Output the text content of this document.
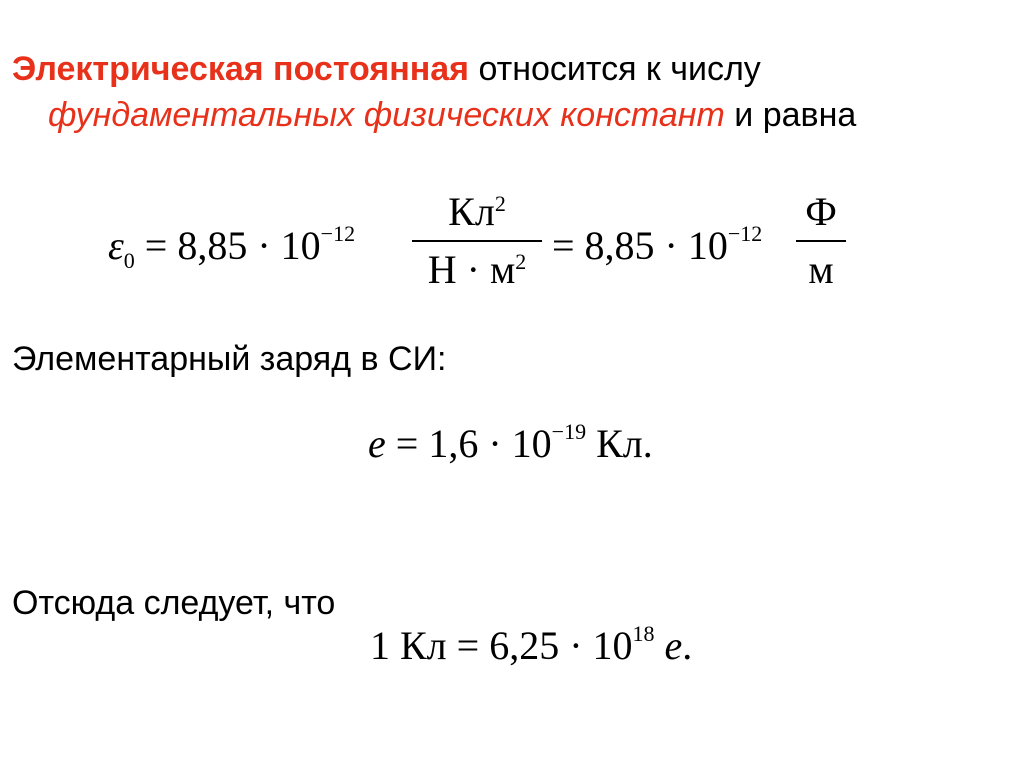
Электрическая постоянная относится к числу
фундаментальных физических констант и равна
$\varepsilon_0 = 8,85 \cdot 10^{-12}$	$Кл^2$
$Н \cdot м^2 = 8,85 \cdot 10^{-12}$ Ф
м
Элементарный заряд в СИ:
$e = 1,6 \cdot 10^{-19}$ Кл.
Отсюда следует, что
1 Кл = $6,25 \cdot 10^{18}$ e.
